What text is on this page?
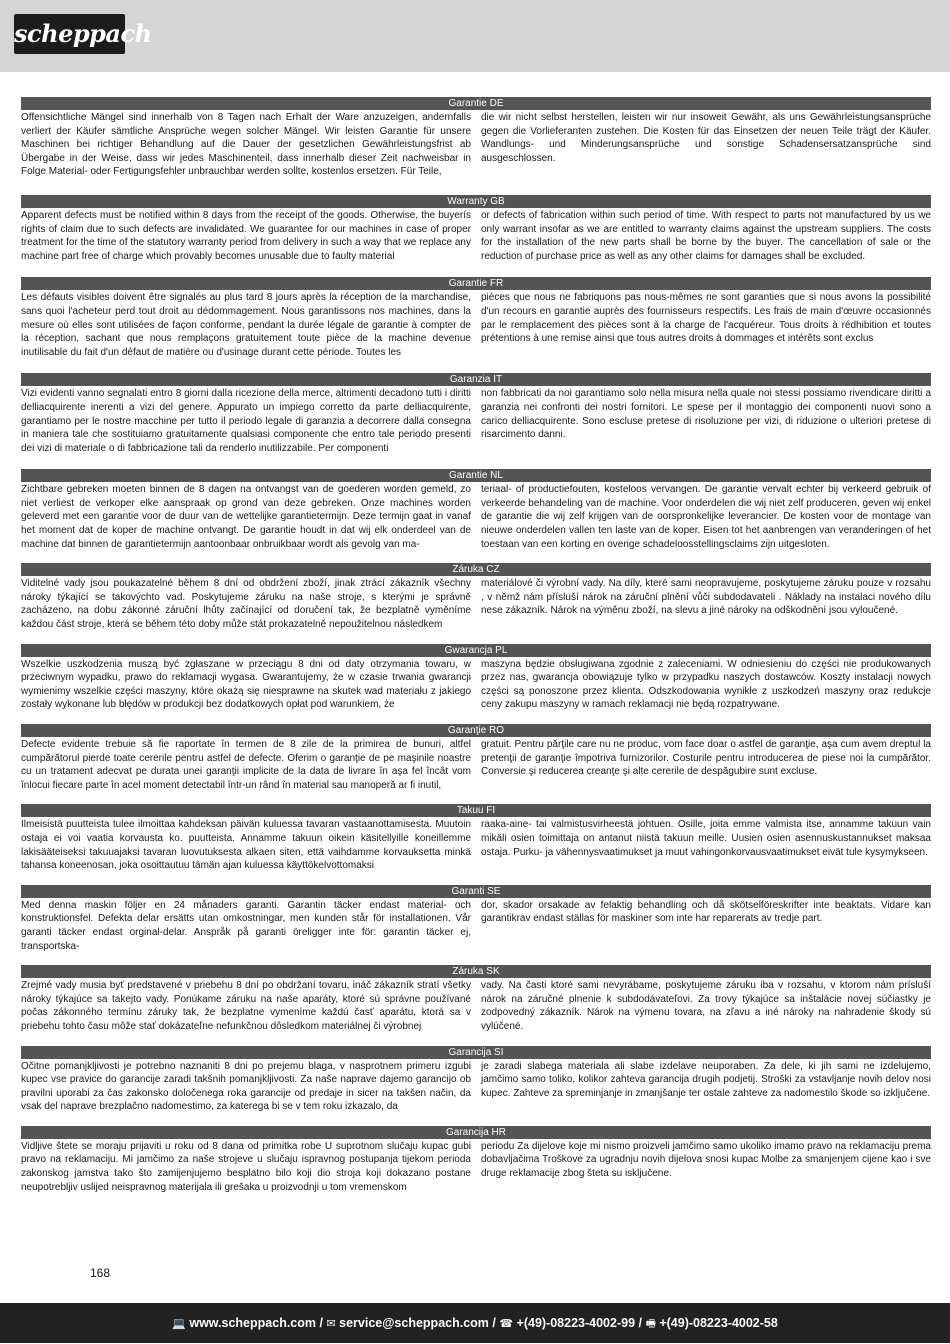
scheppach
Garantie DE
Offensichtliche Mängel sind innerhalb von 8 Tagen nach Erhalt der Ware anzuzeigen, andernfalls verliert der Käufer sämtliche Ansprüche wegen solcher Mängel. Wir leisten Garantie für unsere Maschinen bei richtiger Behandlung auf die Dauer der gesetzlichen Gewährleistungsfrist ab Übergabe in der Weise, dass wir jedes Maschinenteil, dass innerhalb dieser Zeit nachweisbar in Folge Material- oder Fertigungsfehler unbrauchbar werden sollte, kostenlos ersetzen. Für Teile,
die wir nicht selbst herstellen, leisten wir nur insoweit Gewähr, als uns Gewährleistungsansprüche gegen die Vorlieferanten zustehen. Die Kosten für das Einsetzen der neuen Teile trägt der Käufer. Wandlungs- und Minderungsansprüche und sonstige Schadensersatzansprüche sind ausgeschlossen.
Warranty GB
Apparent defects must be notified within 8 days from the receipt of the goods. Otherwise, the buyerís rights of claim due to such defects are invalidated. We guarantee for our machines in case of proper treatment for the time of the statutory warranty period from delivery in such a way that we replace any machine part free of charge which provably becomes unusable due to faulty material
or defects of fabrication within such period of time. With respect to parts not manufactured by us we only warrant insofar as we are entitled to warranty claims against the upstream suppliers. The costs for the installation of the new parts shall be borne by the buyer. The cancellation of sale or the reduction of purchase price as well as any other claims for damages shall be excluded.
Garantie FR
Les défauts visibles doivent être signalés au plus tard 8 jours après la réception de la marchandise, sans quoi l'acheteur perd tout droit au dédommagement. Nous garantissons nos machines, dans la mesure où elles sont utilisées de façon conforme, pendant la durée légale de garantie à compter de la réception, sachant que nous remplaçons gratuitement toute pièce de la machine devenue inutilisable du fait d'un défaut de matière ou d'usinage durant cette période. Toutes les
pièces que nous ne fabriquons pas nous-mêmes ne sont garanties que si nous avons la possibilité d'un recours en garantie auprès des fournisseurs respectifs. Les frais de main d'œuvre occasionnés par le remplacement des pièces sont à la charge de l'acquéreur. Tous droits à rédhibition et toutes prétentions à une remise ainsi que tous autres droits à dommages et intérêts sont exclus
Garanzia IT
Vizi evidenti vanno segnalati entro 8 giorni dalla ricezione della merce, altrimenti decadono tutti i diritti delliacquirente inerenti a vizi del genere. Appurato un impiego corretto da parte delliacquirente, garantiamo per le nostre macchine per tutto il periodo legale di garanzia a decorrere dalla consegna in maniera tale che sostituiamo gratuitamente qualsiasi componente che entro tale periodo presenti dei vizi di materiale o di fabbricazione tali da renderlo inutilizzabile. Per componenti
non fabbricati da noi garantiamo solo nella misura nella quale noi stessi possiamo rivendicare diritti a garanzia nei confronti dei nostri fornitori. Le spese per il montaggio dei componenti nuovi sono a carico delliacquirente. Sono escluse pretese di risoluzione per vizi, di riduzione o ulteriori pretese di risarcimento danni.
Garantie NL
Zichtbare gebreken moeten binnen de 8 dagen na ontvangst van de goederen worden gemeld, zo niet verliest de verkoper elke aanspraak op grond van deze gebreken. Onze machines worden geleverd met een garantie voor de duur van de wettelijke garantietermijn. Deze termijn gaat in vanaf het moment dat de koper de machine ontvangt. De garantie houdt in dat wij elk onderdeel van de machine dat binnen de garantietermijn aantoonbaar onbruikbaar wordt als gevolg van ma-
teriaal- of productiefouten, kosteloos vervangen. De garantie vervalt echter bij verkeerd gebruik of verkeerde behandeling van de machine. Voor onderdelen die wij niet zelf produceren, geven wij enkel de garantie die wij zelf krijgen van de oorspronkelijke leverancier. De kosten voor de montage van nieuwe onderdelen vallen ten laste van de koper. Eisen tot het aanbrengen van veranderingen of het toestaan van een korting en overige schadeloosstellingsclaims zijn uitgesloten.
Záruka CZ
Viditelné vady jsou poukazatelné během 8 dní od obdržení zboží, jinak ztrácí zákazník všechny nároky týkající se takovýchto vad. Poskytujeme záruku na naše stroje, s kterými je správně zacházeno, na dobu zákonné záruční lhůty začínající od doručení tak, že bezplatně vyměníme každou část stroje, která se během této doby může stát prokazatelně nepoužitelnou následkem
materiálové či výrobní vady. Na díly, které sami neopravujeme, poskytujeme záruku pouze v rozsahu , v němž nám přísluší nárok na záruční plnění vůči subdodavateli . Náklady na instalaci nového dílu nese zákazník. Nárok na výměnu zboží, na slevu a jiné nároky na odškodnění jsou vyloučené.
Gwarancja PL
Wszelkie uszkodzenia muszą być zgłaszane w przeciągu 8 dni od daty otrzymania towaru, w przeciwnym wypadku, prawo do reklamacji wygasa. Gwarantujemy, że w czasie trwania gwarancji wymienimy wszelkie części maszyny, które okażą się niesprawne na skutek wad materiału z jakiego zostały wykonane lub błędów w produkcji bez dodatkowych opłat pod warunkiem, że
maszyna będzie obsługiwana zgodnie z zaleceniami. W odniesieniu do części nie produkowanych przez nas, gwarancja obowiązuje tylko w przypadku naszych dostawców. Koszty instalacji nowych części są ponoszone przez klienta. Odszkodowania wynikłe z uszkodzeń maszyny oraz redukcje ceny zakupu maszyny w ramach reklamacji nie będą rozpatrywane.
Garanţie RO
Defecte evidente trebuie să fie raportate în termen de 8 zile de la primirea de bunuri, altfel cumpărătorul pierde toate cererile pentru astfel de defecte. Oferim o garanţie de pe maşinile noastre cu un tratament adecvat pe durata unei garanţii implicite de la data de livrare în aşa fel încât vom înlocui fiecare parte în acel moment detectabil într-un rând în material sau manoperă ar fi inutil,
gratuit. Pentru părţile care nu ne produc, vom face doar o astfel de garanţie, aşa cum avem dreptul la pretenţii de garanţie împotriva furnizorilor. Costurile pentru introducerea de piese noi la cumpărător. Conversie şi reducerea creanţe şi alte cererile de despăgubire sunt excluse.
Takuu FI
Ilmeisistä puutteista tulee ilmoittaa kahdeksan päivän kuluessa tavaran vastaanottamisesta. Muutoin ostaja ei voi vaatia korvausta ko. puutteista. Annamme takuun oikein käsitellyille koneillemme lakisääteiseksi takuuajaksi tavaran luovutuksesta alkaen siten, että vaihdamme korvauksetta minkä tahansa koneenosan, joka osoittautuu tämän ajan kuluessa käyttökelvottomaksi
raaka-aine- tai valmistusvirheestä johtuen. Osille, joita emme valmista itse, annamme takuun vain mikäli osien toimittaja on antanut niistä takuun meille. Uusien osien asennuskustannukset maksaa ostaja. Purku- ja vähennysvaatimukset ja muut vahingonkorvausvaatimukset eivät tule kysymykseen.
Garanti SE
Med denna maskin följer en 24 månaders garanti. Garantin täcker endast material- och konstruktionsfel. Defekta delar ersätts utan omkostningar, men kunden står för installationen. Vår garanti täcker endast orginal-delar. Anspråk på garanti öreligger inte för: garantin täcker ej, transportska-
dor, skador orsakade av felaktig behandling och då skötselföreskrifter inte beaktats. Vidare kan garantikrav endast ställas för maskiner som inte har reparerats av tredje part.
Záruka SK
Zrejmé vady musia byť predstavené v priebehu 8 dní po obdržaní tovaru, ináč zákazník stratí všetky nároky týkajúce sa takejto vady. Ponúkame záruku na naše aparáty, ktoré sú správne používané počas zákonného termínu záruky tak, že bezplatne vymeníme každú časť aparátu, ktorá sa v priebehu tohto času môže stať dokázateľne nefunkčnou dôsledkom materiálnej či výrobnej
vady. Na časti ktoré sami nevyrábame, poskytujeme záruku iba v rozsahu, v ktorom nám prísluší nárok na záručné plnenie k subdodávateľovi. Za trovy týkajúce sa inštalácie novej súčiastky je zodpovedný zákazník. Nárok na výmenu tovara, na zľavu a iné nároky na nahradenie škody sú vylúčené.
Garancija SI
Očitne pomanjkljivosti je potrebno naznaniti 8 dni po prejemu blaga, v nasprotnem primeru izgubi kupec vse pravice do garancije zaradi takšnih pomanjkljivosti. Za naše naprave dajemo garancijo ob pravilni uporabi za čas zakonsko določenega roka garancije od predaje in sicer na takšen način, da vsak del naprave brezplačno nadomestimo, za katerega bi se v tem roku izkazalo, da
je zaradi slabega materiala ali slabe izdelave neuporaben. Za dele, ki jih sami ne izdelujemo, jamčimo samo toliko, kolikor zahteva garancija drugih podjetij. Stroški za vstavljanje novih delov nosi kupec. Zahteve za spreminjanje in zmanjšanje ter ostale zahteve za nadomestilo škode so izključene.
Garancija HR
Vidljive štete se moraju prijaviti u roku od 8 dana od primitka robe U suprotnom slučaju kupac gubi pravo na reklamaciju. Mi jamčimo za naše strojeve u slučaju ispravnog postupanja tijekom perioda zakonskog jamstva tako što zamijenjujemo besplatno bilo koji dio stroja koji dokazano postane neupotrebljiv uslijed neispravnog materijala ili grešaka u proizvodnji u tom vremenskom
periodu Za dijelove koje mi nismo proizveli jamčimo samo ukoliko imamo pravo na reklamaciju prema dobavljačima Troškove za ugradnju novih dijelova snosi kupac Molbe za smanjenjem cijene kao i sve druge reklamacije zbog šteta su isključene.
168
💻 www.scheppach.com / ✉ service@scheppach.com / ☎ +(49)-08223-4002-99 / 🖷 +(49)-08223-4002-58
